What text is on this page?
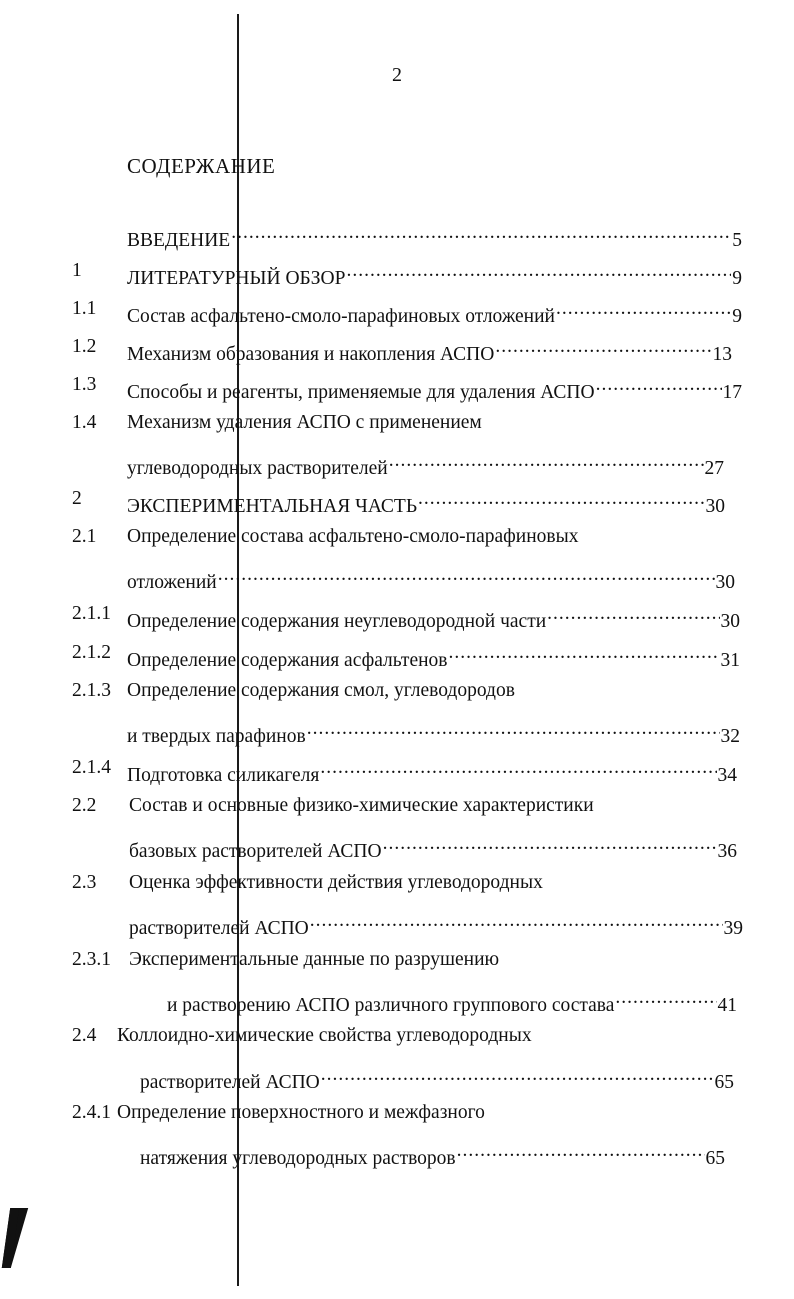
2
СОДЕРЖАНИЕ
ВВЕДЕНИЕ .....	5
1 ЛИТЕРАТУРНЫЙ ОБЗОР .....	9
1.1 Состав асфальтено-смоло-парафиновых отложений .....	9
1.2 Механизм образования и накопления АСПО .....	13
1.3 Способы и реагенты, применяемые для удаления АСПО .....	17
1.4 Механизм удаления АСПО с применением
углеводородных растворителей .....	27
2 ЭКСПЕРИМЕНТАЛЬНАЯ ЧАСТЬ .....	30
2.1 Определение состава асфальтено-смоло-парафиновых
отложений .....	30
2.1.1 Определение содержания неуглеводородной части .....	30
2.1.2 Определение содержания асфальтенов .....	31
2.1.3 Определение содержания смол, углеводородов
и твердых парафинов .....	32
2.1.4 Подготовка силикагеля .....	34
2.2 Состав и основные физико-химические характеристики
базовых растворителей АСПО .....	36
2.3 Оценка эффективности действия углеводородных
растворителей АСПО .....	39
2.3.1 Экспериментальные данные по разрушению
и растворению АСПО различного группового состава .....	41
2.4 Коллоидно-химические свойства углеводородных
растворителей АСПО .....	65
2.4.1 Определение поверхностного и межфазного
натяжения углеводородных растворов .....	65
